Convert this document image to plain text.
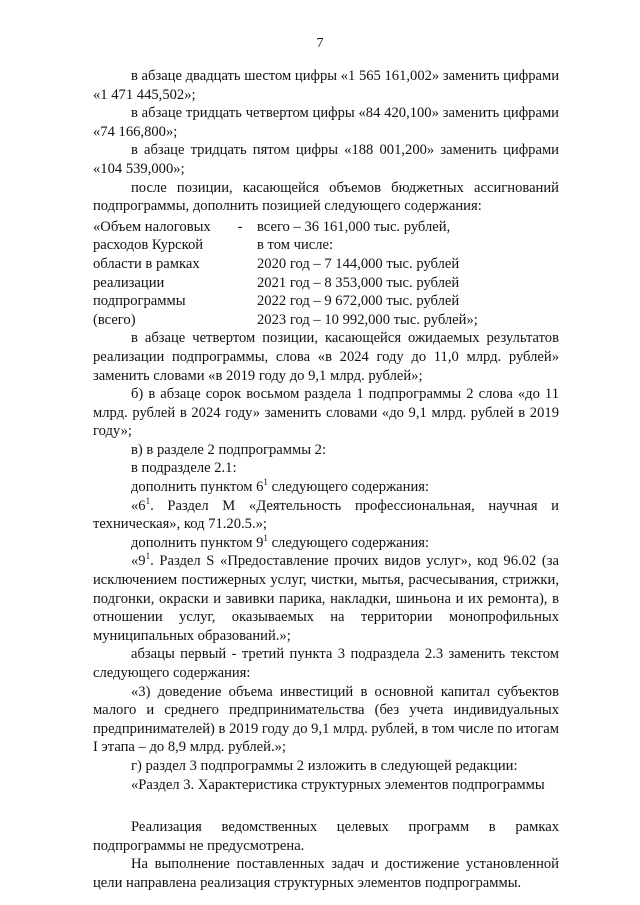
7

в абзаце двадцать шестом цифры «1 565 161,002» заменить цифрами «1 471 445,502»;

в абзаце тридцать четвертом цифры «84 420,100» заменить цифрами «74 166,800»;

в абзаце тридцать пятом цифры «188 001,200» заменить цифрами «104 539,000»;

после позиции, касающейся объемов бюджетных ассигнований подпрограммы, дополнить позицией следующего содержания:

«Объем налоговых	-	всего – 36 161,000 тыс. рублей,
расходов Курской		в том числе:
области в рамках		2020 год – 7 144,000 тыс. рублей
реализации		2021 год – 8 353,000 тыс. рублей
подпрограммы		2022 год – 9 672,000 тыс. рублей
(всего)		2023 год – 10 992,000 тыс. рублей»;

в абзаце четвертом позиции, касающейся ожидаемых результатов реализации подпрограммы, слова «в 2024 году до 11,0 млрд. рублей» заменить словами «в 2019 году до 9,1 млрд. рублей»;

б) в абзаце сорок восьмом раздела 1 подпрограммы 2 слова «до 11 млрд. рублей в 2024 году» заменить словами «до 9,1 млрд. рублей в 2019 году»;

в) в разделе 2 подпрограммы 2:

в подразделе 2.1:

дополнить пунктом $6^1$ следующего содержания:

«$6^1$. Раздел М «Деятельность профессиональная, научная и техническая», код 71.20.5.»;

дополнить пунктом $9^1$ следующего содержания:

«$9^1$. Раздел S «Предоставление прочих видов услуг», код 96.02 (за исключением постижерных услуг, чистки, мытья, расчесывания, стрижки, подгонки, окраски и завивки парика, накладки, шиньона и их ремонта), в отношении услуг, оказываемых на территории монопрофильных муниципальных образований.»;

абзацы первый - третий пункта 3 подраздела 2.3 заменить текстом следующего содержания:

«3) доведение объема инвестиций в основной капитал субъектов малого и среднего предпринимательства (без учета индивидуальных предпринимателей) в 2019 году до 9,1 млрд. рублей, в том числе по итогам I этапа – до 8,9 млрд. рублей.»;

г) раздел 3 подпрограммы 2 изложить в следующей редакции:

«Раздел 3. Характеристика структурных элементов подпрограммы

Реализация ведомственных целевых программ в рамках подпрограммы не предусмотрена.

На выполнение поставленных задач и достижение установленной цели направлена реализация структурных элементов подпрограммы.
